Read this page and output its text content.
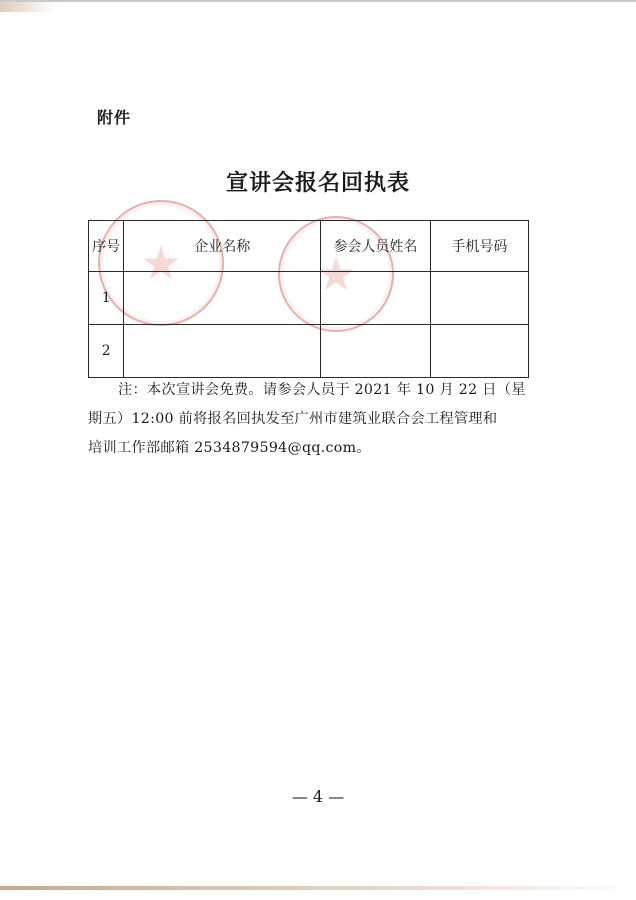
附件
宣讲会报名回执表
★	★
序号	企业名称	参会人员姓名	手机号码
1			
2			

注：本次宣讲会免费。请参会人员于 2021 年 10 月 22 日（星

期五）12:00 前将报名回执发至广州市建筑业联合会工程管理和

培训工作部邮箱 2534879594@qq.com。

— 4 —
